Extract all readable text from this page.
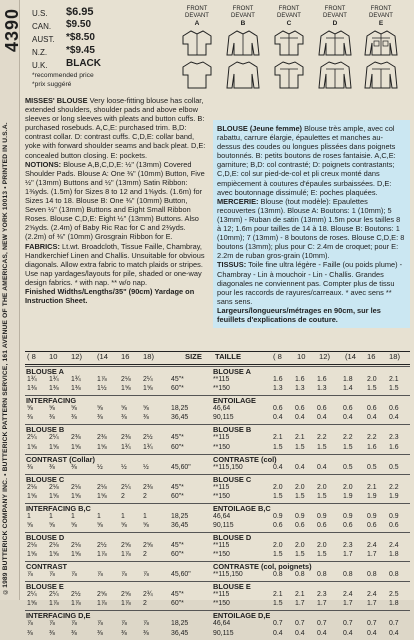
4390
©1989 BUTTERICK COMPANY INC. • BUTTERICK PATTERN SERVICE, 161 AVENUE OF THE AMERICAS, NEW YORK 10013 • PRINTED IN U.S.A.
U.S. $6.95
CAN. $9.50
AUST. *$8.50
N.Z. *$9.45
U.K. BLACK
*recommended price
*prix suggéré
FRONT DEVANT
A
FRONT DEVANT
B
FRONT DEVANT
C
FRONT DEVANT
D
FRONT DEVANT
E
MISSES' BLOUSE Very loose-fitting blouse has collar, extended shoulders, shoulder pads and above elbow sleeves or long sleeves with pleats and button cuffs. B: purchased rosebuds. A,C,E: purchased trim. B,D: contrast collar. D: contrast cuffs. C,D,E: collar band, yoke with forward shoulder seams and back pleat. D,E: concealed button closing. E: pockets.
NOTIONS: Blouse A,B,C,D,E: ½" (13mm) Covered Shoulder Pads. Blouse A: One ⅜" (10mm) Button, Five ½" (13mm) Buttons and ½" (13mm) Satin Ribbon: 1⅜yds. (1.5m) for Sizes 8 to 12 and 1⅝yds. (1.6m) for Sizes 14 to 18. Blouse B: One ⅜" (10mm) Button, Seven ½" (13mm) Buttons and Eight Small Ribbon Roses. Blouse C,D,E: Eight ½" (13mm) Buttons. Also 2⅝yds. (2.4m) of Baby Ric Rac for C and 2⅜yds. (2.2m) of ⅜" (10mm) Grosgrain Ribbon for E.
FABRICS: Lt.wt. Broadcloth, Tissue Faille, Chambray, Handkerchief Linen and Challis. Unsuitable for obvious diagonals. Allow extra fabric to match plaids or stripes. Use nap yardages/layouts for pile, shaded or one-way design fabrics. * with nap. ** w/o nap.
Finished Widths/Lengths/35" (90cm) Yardage on Instruction Sheet.
BLOUSE (Jeune femme) Blouse très ample, avec col rabattu, carrure élargie, épaulettes et manches au-dessus des coudes ou longues plissées dans poignets boutonnés. B: petits boutons de roses fantaisie. A,C,E: garniture; B,D: col contrasté; D: poignets contrastants; C,D,E: col sur pied-de-col et pli creux monté dans empiècement à coutures d'épaules surbaissées. D,E: avec boutonnage dissimulé; E: poches plaquées.
MERCERIE: Blouse (tout modèle): Epaulettes recouvertes (13mm). Blouse A: Boutons: 1 (10mm); 5 (13mm) - Ruban de satin (13mm) 1.5m pour les tailles 8 à 12; 1.6m pour tailles de 14 à 18. Blouse B: Boutons: 1 (10mm); 7 (13mm) - 8 boutons de roses. Blouse C,D,E: 8 boutons (13mm); plus pour C: 2.4m de croquet; pour E: 2.2m de ruban gros-grain (10mm).
TISSUS: Toile fine ultra légère - Faille (ou poids plume) - Chambray - Lin à mouchoir - Lin - Challis. Grandes diagonales ne conviennent pas. Compter plus de tissu pour les raccords de rayures/carreaux. * avec sens ** sans sens.
Largeurs/longueurs/métrages en 90cm, sur les feuillets d'explications de couture.
( 8 10 12) (14 16 18)	SIZE TAILLE	( 8 10 12) (14 16 18)
BLOUSE A	BLOUSE A
1¾ 1¾ 1¾ 1⅞ 2⅛ 2¼	45"*	**115	1.6 1.6 1.6 1.8 2.0 2.1
1⅜ 1⅜ 1⅜ 1½ 1⅝ 1⅝	60"*	**150	1.3 1.3 1.3 1.4 1.5 1.5
INTERFACING	ENTOILAGE
⅝ ⅝ ⅝	⅝	⅝ ⅝	18,25	46,64	0.6 0.6 0.6 0.6 0.6 0.6
⅜ ⅜ ⅜	⅜	⅜ ⅜	36,45	90,115	0.4 0.4 0.4 0.4 0.4 0.4
BLOUSE B	BLOUSE B
2¼ 2¼ 2⅜ 2⅜ 2⅜ 2½	45"*	**115	2.1 2.1 2.2 2.2 2.2 2.3
1⅝ 1⅝ 1⅝ 1⅝ 1¾ 1¾	60"*	**150	1.5 1.5 1.5 1.5 1.6 1.6
CONTRAST (Collar)	CONTRASTE (col)
⅜ ⅜ ⅜	½	½ ½	45,60"	**115,150	0.4 0.4 0.4 0.5 0.5 0.5
BLOUSE C	BLOUSE C
2⅛ 2⅛ 2⅛ 2⅛ 2¼ 2⅜	45"*	**115	2.0 2.0 2.0 2.0 2.1 2.2
1⅝ 1⅝ 1⅝ 1⅝ 2	2	60"*	**150	1.5 1.5 1.5 1.9 1.9 1.9
INTERFACING B,C	ENTOILAGE B,C
1	1	1	1	1	1	18,25	46,64	0.9 0.9 0.9 0.9 0.9 0.9
⅝ ⅝ ⅝	⅝	⅝ ⅝	36,45	90,115	0.6 0.6 0.6 0.6 0.6 0.6
BLOUSE D	BLOUSE D
2⅛ 2⅛ 2⅛ 2½ 2⅝ 2⅝	45"*	**115	2.0 2.0 2.0 2.3 2.4 2.4
1⅝ 1⅝ 1⅝ 1⅞ 1⅞ 2	60"*	**150	1.5 1.5 1.5 1.7 1.7 1.8
CONTRAST	CONTRASTE (col, poignets)
⅞ ⅞ ⅞	⅞	⅞ ⅞	45,60"	**115,150	0.8 0.8 0.8 0.8 0.8 0.8
BLOUSE E	BLOUSE E
2¼ 2¼ 2½ 2⅝ 2⅝ 2¾	45"*	**115	2.1 2.1 2.3 2.4 2.4 2.5
1⅝ 1⅞ 1⅞ 1⅞ 1⅞ 2	60"*	**150	1.5 1.7 1.7 1.7 1.7 1.8
INTERFACING D,E	ENTOILAGE D,E
⅞ ⅞ ⅞	⅞	⅞ ⅞	18,25	46,64	0.7 0.7 0.7 0.7 0.7 0.7
⅜ ⅜ ⅜	⅜	⅜ ⅜	36,45	90,115	0.4 0.4 0.4 0.4 0.4 0.4
